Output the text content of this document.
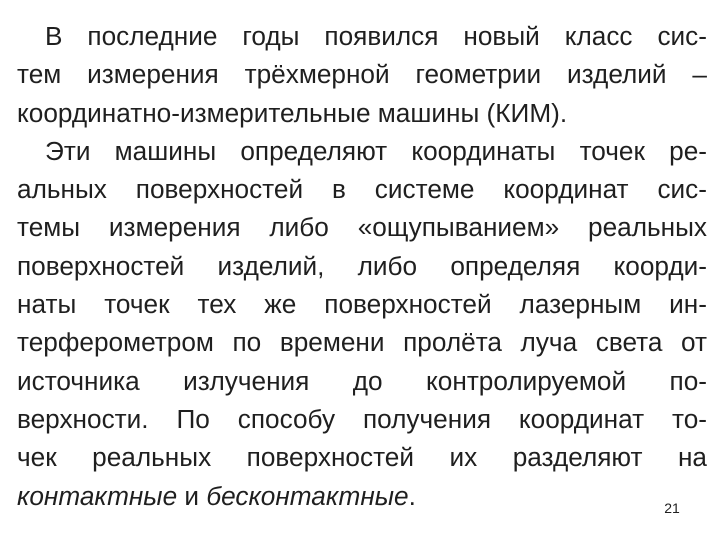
В последние годы появился новый класс сис-
тем измерения трёхмерной геометрии изделий –
координатно-измерительные машины (КИМ).

Эти машины определяют координаты точек ре-
альных поверхностей в системе координат сис-
темы измерения либо «ощупыванием» реальных
поверхностей изделий, либо определяя коорди-
наты точек тех же поверхностей лазерным ин-
терферометром по времени пролёта луча света от
источника излучения до контролируемой по-
верхности. По способу получения координат то-
чек реальных поверхностей их разделяют на
контактные и бесконтактные.	21
